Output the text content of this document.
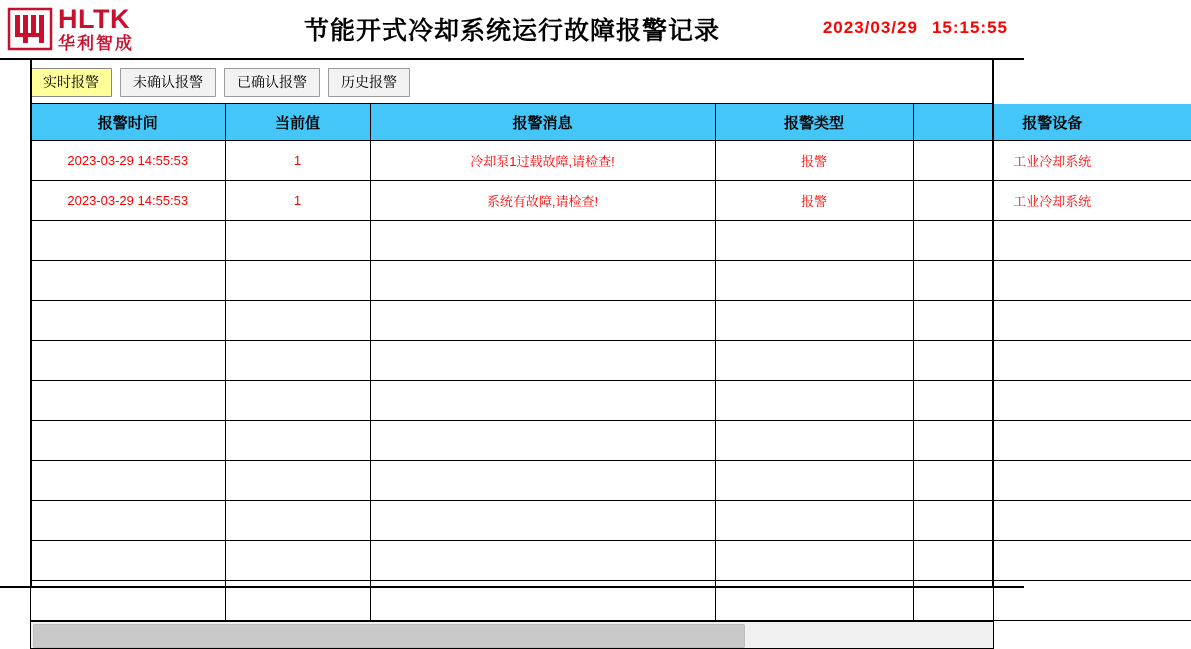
HLTK
华利智成	节能开式冷却系统运行故障报警记录	2023/03/29 15:15:55
实时报警	未确认报警	已确认报警	历史报警
报警时间	当前值	报警消息	报警类型	报警设备
2023-03-29 14:55:53	1	冷却泵1过载故障,请检查!	报警	工业冷却系统
2023-03-29 14:55:53	1	系统有故障,请检查!	报警	工业冷却系统
